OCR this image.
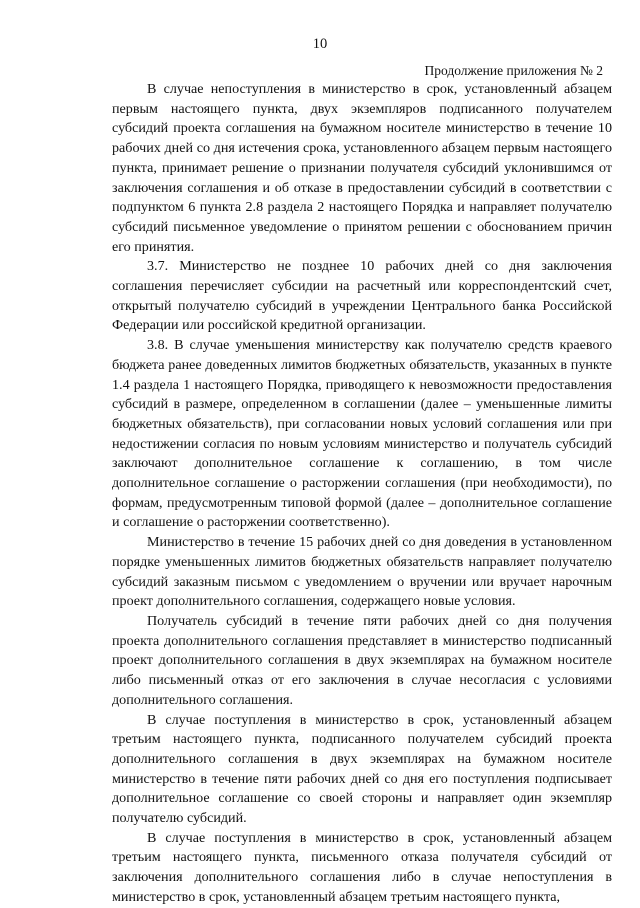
10
Продолжение приложения № 2

В случае непоступления в министерство в срок, установленный абзацем первым настоящего пункта, двух экземпляров подписанного получателем субсидий проекта соглашения на бумажном носителе министерство в течение 10 рабочих дней со дня истечения срока, установленного абзацем первым настоящего пункта, принимает решение о признании получателя субсидий уклонившимся от заключения соглашения и об отказе в предоставлении субсидий в соответствии с подпунктом 6 пункта 2.8 раздела 2 настоящего Порядка и направляет получателю субсидий письменное уведомление о принятом решении с обоснованием причин его принятия.

3.7. Министерство не позднее 10 рабочих дней со дня заключения соглашения перечисляет субсидии на расчетный или корреспондентский счет, открытый получателю субсидий в учреждении Центрального банка Российской Федерации или российской кредитной организации.

3.8. В случае уменьшения министерству как получателю средств краевого бюджета ранее доведенных лимитов бюджетных обязательств, указанных в пункте 1.4 раздела 1 настоящего Порядка, приводящего к невозможности предоставления субсидий в размере, определенном в соглашении (далее – уменьшенные лимиты бюджетных обязательств), при согласовании новых условий соглашения или при недостижении согласия по новым условиям министерство и получатель субсидий заключают дополнительное соглашение к соглашению, в том числе дополнительное соглашение о расторжении соглашения (при необходимости), по формам, предусмотренным типовой формой (далее – дополнительное соглашение и соглашение о расторжении соответственно).

Министерство в течение 15 рабочих дней со дня доведения в установленном порядке уменьшенных лимитов бюджетных обязательств направляет получателю субсидий заказным письмом с уведомлением о вручении или вручает нарочным проект дополнительного соглашения, содержащего новые условия.

Получатель субсидий в течение пяти рабочих дней со дня получения проекта дополнительного соглашения представляет в министерство подписанный проект дополнительного соглашения в двух экземплярах на бумажном носителе либо письменный отказ от его заключения в случае несогласия с условиями дополнительного соглашения.

В случае поступления в министерство в срок, установленный абзацем третьим настоящего пункта, подписанного получателем субсидий проекта дополнительного соглашения в двух экземплярах на бумажном носителе министерство в течение пяти рабочих дней со дня его поступления подписывает дополнительное соглашение со своей стороны и направляет один экземпляр получателю субсидий.

В случае поступления в министерство в срок, установленный абзацем третьим настоящего пункта, письменного отказа получателя субсидий от заключения дополнительного соглашения либо в случае непоступления в министерство в срок, установленный абзацем третьим настоящего пункта,
